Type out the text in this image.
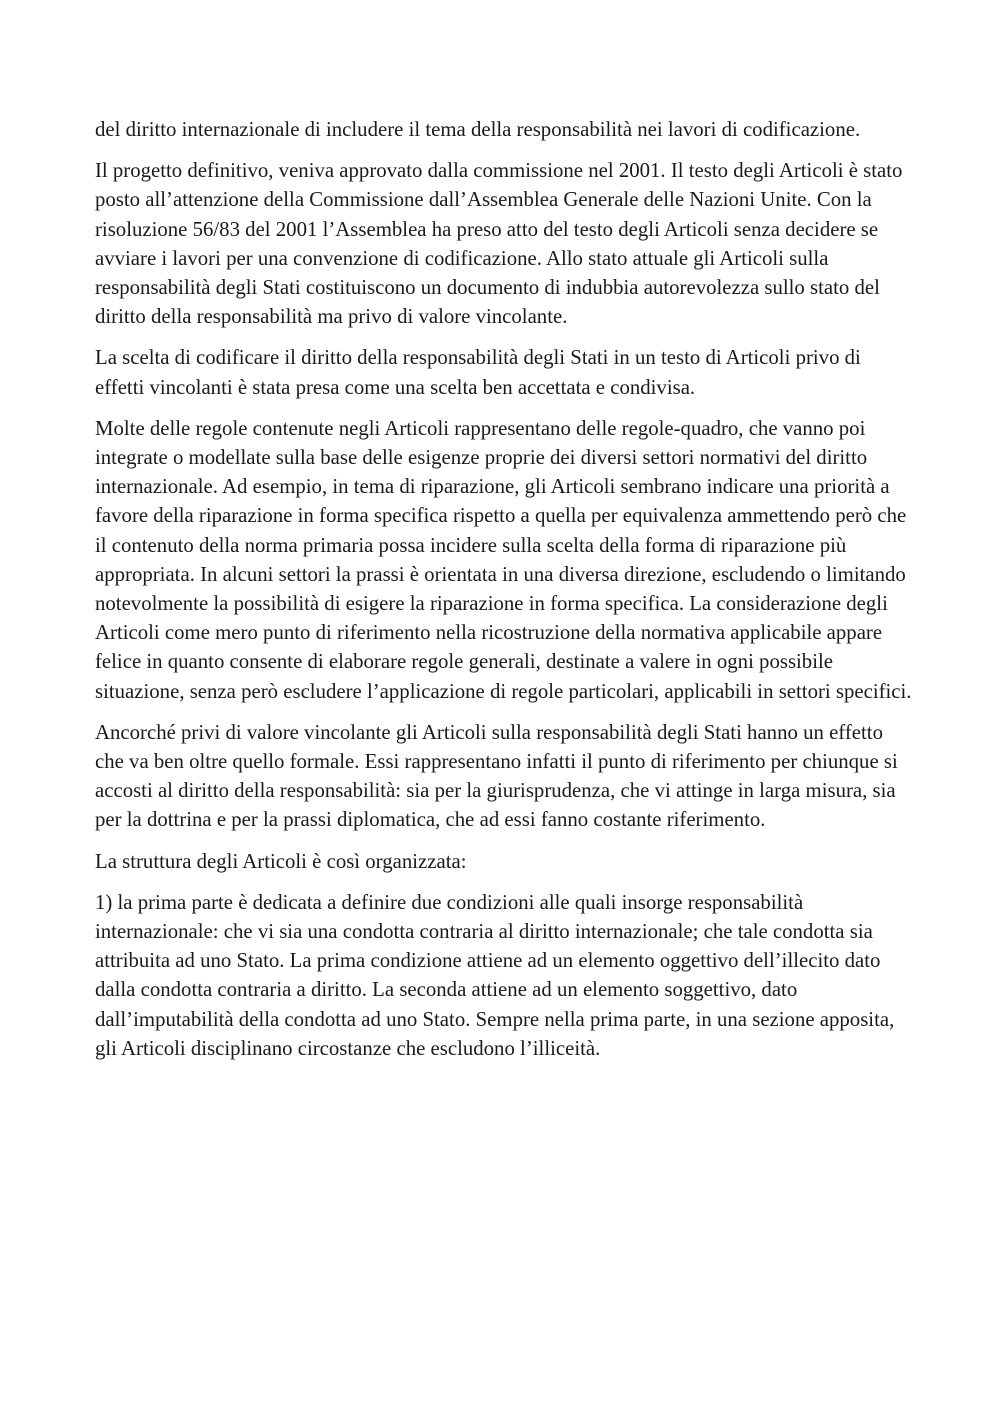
del diritto internazionale di includere il tema della responsabilità nei lavori di codificazione.

Il progetto definitivo, veniva approvato dalla commissione nel 2001. Il testo degli Articoli è stato posto all’attenzione della Commissione dall’Assemblea Generale delle Nazioni Unite. Con la risoluzione 56/83 del 2001 l’Assemblea ha preso atto del testo degli Articoli senza decidere se avviare i lavori per una convenzione di codificazione. Allo stato attuale gli Articoli sulla responsabilità degli Stati costituiscono un documento di indubbia autorevolezza sullo stato del diritto della responsabilità ma privo di valore vincolante.

La scelta di codificare il diritto della responsabilità degli Stati in un testo di Articoli privo di effetti vincolanti è stata presa come una scelta ben accettata e condivisa.

Molte delle regole contenute negli Articoli rappresentano delle regole-quadro, che vanno poi integrate o modellate sulla base delle esigenze proprie dei diversi settori normativi del diritto internazionale. Ad esempio, in tema di riparazione, gli Articoli sembrano indicare una priorità a favore della riparazione in forma specifica rispetto a quella per equivalenza ammettendo però che il contenuto della norma primaria possa incidere sulla scelta della forma di riparazione più appropriata. In alcuni settori la prassi è orientata in una diversa direzione, escludendo o limitando notevolmente la possibilità di esigere la riparazione in forma specifica. La considerazione degli Articoli come mero punto di riferimento nella ricostruzione della normativa applicabile appare felice in quanto consente di elaborare regole generali, destinate a valere in ogni possibile situazione, senza però escludere l’applicazione di regole particolari, applicabili in settori specifici.

Ancorché privi di valore vincolante gli Articoli sulla responsabilità degli Stati hanno un effetto che va ben oltre quello formale. Essi rappresentano infatti il punto di riferimento per chiunque si accosti al diritto della responsabilità: sia per la giurisprudenza, che vi attinge in larga misura, sia per la dottrina e per la prassi diplomatica, che ad essi fanno costante riferimento.

La struttura degli Articoli è così organizzata:

1) la prima parte è dedicata a definire due condizioni alle quali insorge responsabilità internazionale: che vi sia una condotta contraria al diritto internazionale; che tale condotta sia attribuita ad uno Stato. La prima condizione attiene ad un elemento oggettivo dell’illecito dato dalla condotta contraria a diritto. La seconda attiene ad un elemento soggettivo, dato dall’imputabilità della condotta ad uno Stato. Sempre nella prima parte, in una sezione apposita, gli Articoli disciplinano circostanze che escludono l’illiceità.
